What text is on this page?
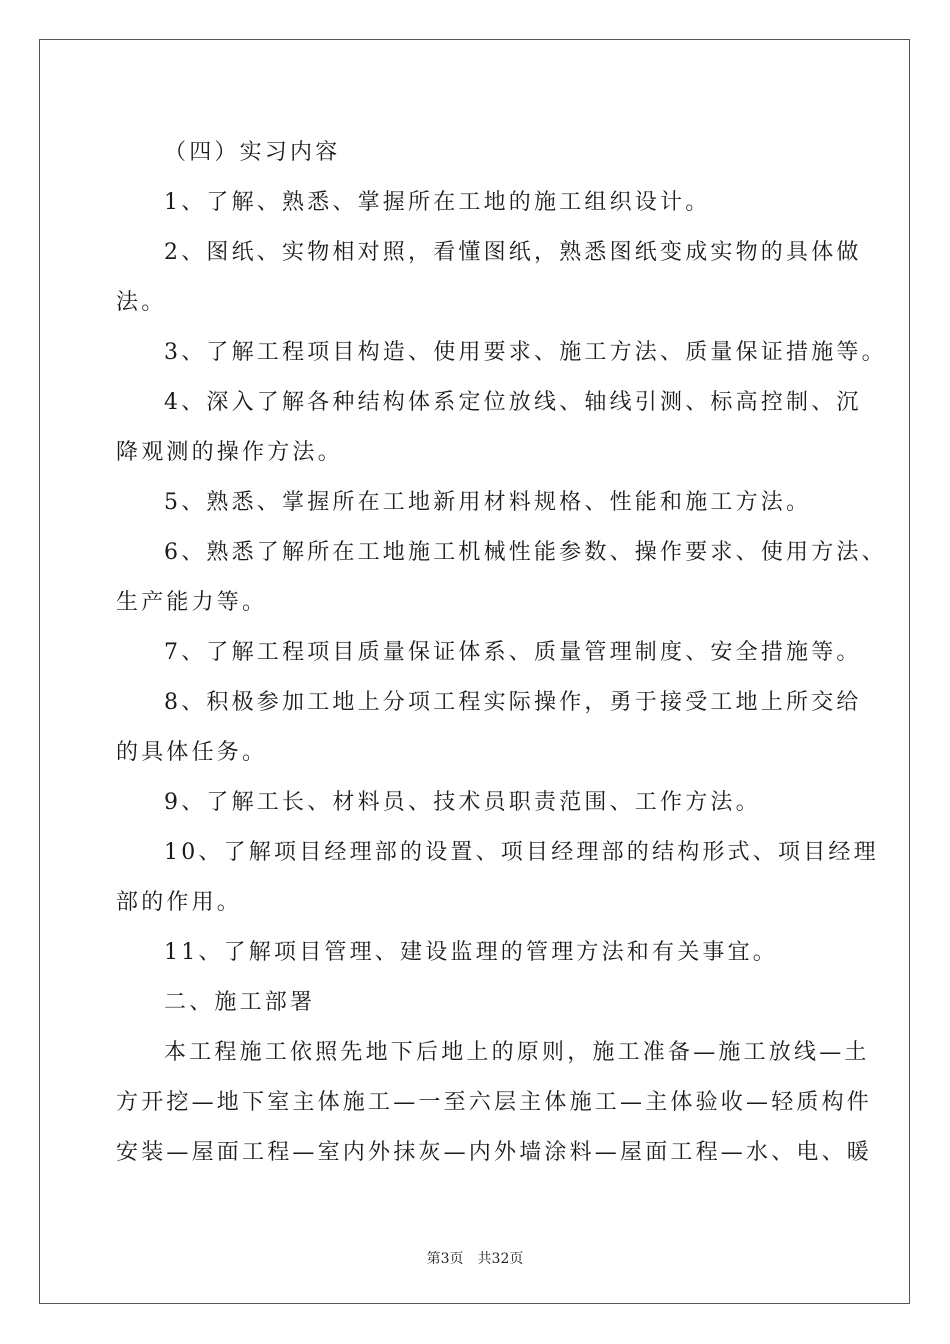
（四）实习内容

1、了解、熟悉、掌握所在工地的施工组织设计。

2、图纸、实物相对照，看懂图纸，熟悉图纸变成实物的具体做

法。

3、了解工程项目构造、使用要求、施工方法、质量保证措施等。

4、深入了解各种结构体系定位放线、轴线引测、标高控制、沉

降观测的操作方法。

5、熟悉、掌握所在工地新用材料规格、性能和施工方法。

6、熟悉了解所在工地施工机械性能参数、操作要求、使用方法、

生产能力等。

7、了解工程项目质量保证体系、质量管理制度、安全措施等。

8、积极参加工地上分项工程实际操作，勇于接受工地上所交给

的具体任务。

9、了解工长、材料员、技术员职责范围、工作方法。

10、了解项目经理部的设置、项目经理部的结构形式、项目经理

部的作用。

11、了解项目管理、建设监理的管理方法和有关事宜。

二、施工部署

本工程施工依照先地下后地上的原则，施工准备—施工放线—土

方开挖—地下室主体施工—一至六层主体施工—主体验收—轻质构件

安装—屋面工程—室内外抹灰—内外墙涂料—屋面工程—水、电、暖

第3页 共32页
